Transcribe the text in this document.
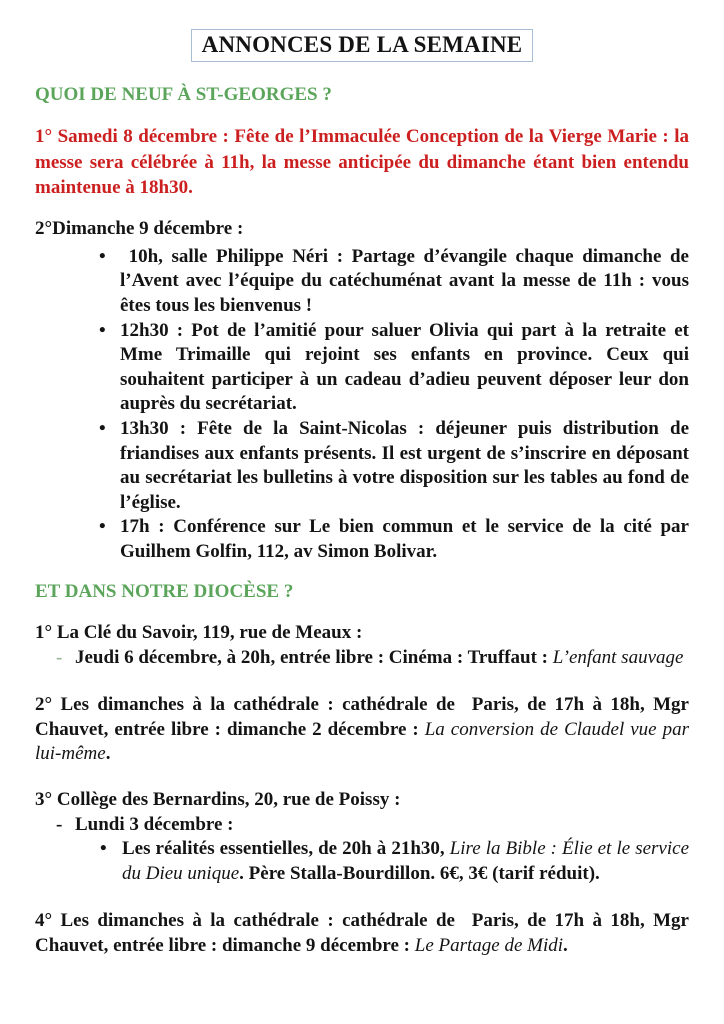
ANNONCES DE LA SEMAINE
QUOI DE NEUF À ST-GEORGES ?

1° Samedi 8 décembre : Fête de l’Immaculée Conception de la Vierge Marie : la messe sera célébrée à 11h, la messe anticipée du dimanche étant bien entendu maintenue à 18h30.

2°Dimanche 9 décembre :

• 10h, salle Philippe Néri : Partage d’évangile chaque dimanche de l’Avent avec l’équipe du catéchuménat avant la messe de 11h : vous êtes tous les bienvenus !

• 12h30 : Pot de l’amitié pour saluer Olivia qui part à la retraite et Mme Trimaille qui rejoint ses enfants en province. Ceux qui souhaitent participer à un cadeau d’adieu peuvent déposer leur don auprès du secrétariat.

• 13h30 : Fête de la Saint-Nicolas : déjeuner puis distribution de friandises aux enfants présents. Il est urgent de s’inscrire en déposant au secrétariat les bulletins à votre disposition sur les tables au fond de l’église.

• 17h : Conférence sur Le bien commun et le service de la cité par Guilhem Golfin, 112, av Simon Bolivar.

ET DANS NOTRE DIOCÈSE ?

1° La Clé du Savoir, 119, rue de Meaux :

- Jeudi 6 décembre, à 20h, entrée libre : Cinéma : Truffaut : L’enfant sauvage

2° Les dimanches à la cathédrale : cathédrale de  Paris, de 17h à 18h, Mgr Chauvet, entrée libre : dimanche 2 décembre : La conversion de Claudel vue par lui-même.

3° Collège des Bernardins, 20, rue de Poissy :

- Lundi 3 décembre :

• Les réalités essentielles, de 20h à 21h30, Lire la Bible : Élie et le service du Dieu unique. Père Stalla-Bourdillon. 6€, 3€ (tarif réduit).

4° Les dimanches à la cathédrale : cathédrale de  Paris, de 17h à 18h, Mgr Chauvet, entrée libre : dimanche 9 décembre : Le Partage de Midi.
